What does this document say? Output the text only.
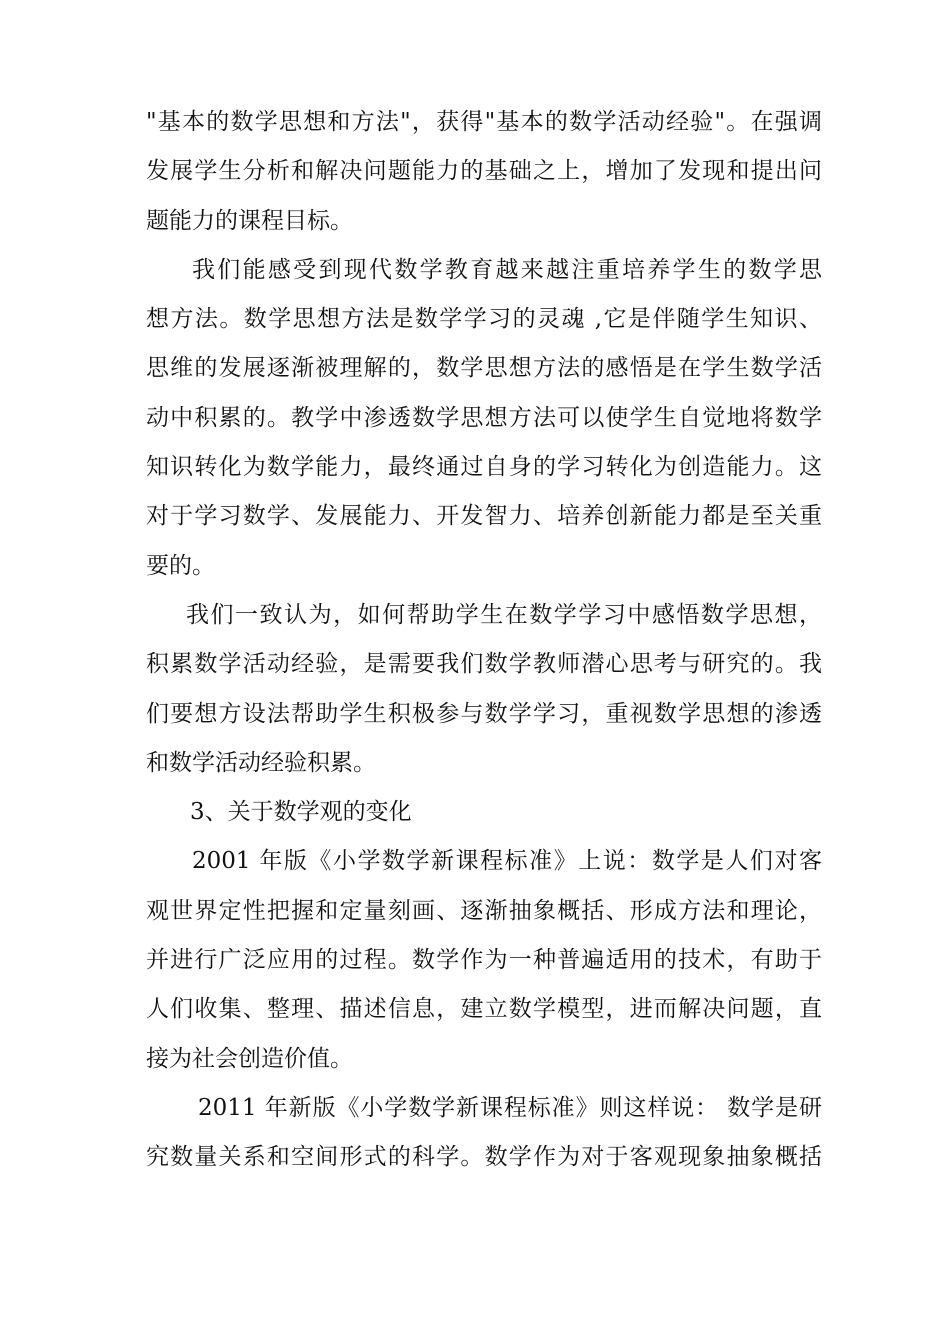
"基本的数学思想和方法"，获得"基本的数学活动经验"。在强调
发展学生分析和解决问题能力的基础之上，增加了发现和提出问
题能力的课程目标。

我们能感受到现代数学教育越来越注重培养学生的数学思
想方法。数学思想方法是数学学习的灵魂 ,它是伴随学生知识、
思维的发展逐渐被理解的，数学思想方法的感悟是在学生数学活
动中积累的。教学中渗透数学思想方法可以使学生自觉地将数学
知识转化为数学能力，最终通过自身的学习转化为创造能力。这
对于学习数学、发展能力、开发智力、培养创新能力都是至关重
要的。

我们一致认为，如何帮助学生在数学学习中感悟数学思想，
积累数学活动经验，是需要我们数学教师潜心思考与研究的。我
们要想方设法帮助学生积极参与数学学习，重视数学思想的渗透
和数学活动经验积累。

3、关于数学观的变化

2001 年版《小学数学新课程标准》上说：数学是人们对客
观世界定性把握和定量刻画、逐渐抽象概括、形成方法和理论，
并进行广泛应用的过程。数学作为一种普遍适用的技术，有助于
人们收集、整理、描述信息，建立数学模型，进而解决问题，直
接为社会创造价值。

2011 年新版《小学数学新课程标准》则这样说： 数学是研
究数量关系和空间形式的科学。数学作为对于客观现象抽象概括
